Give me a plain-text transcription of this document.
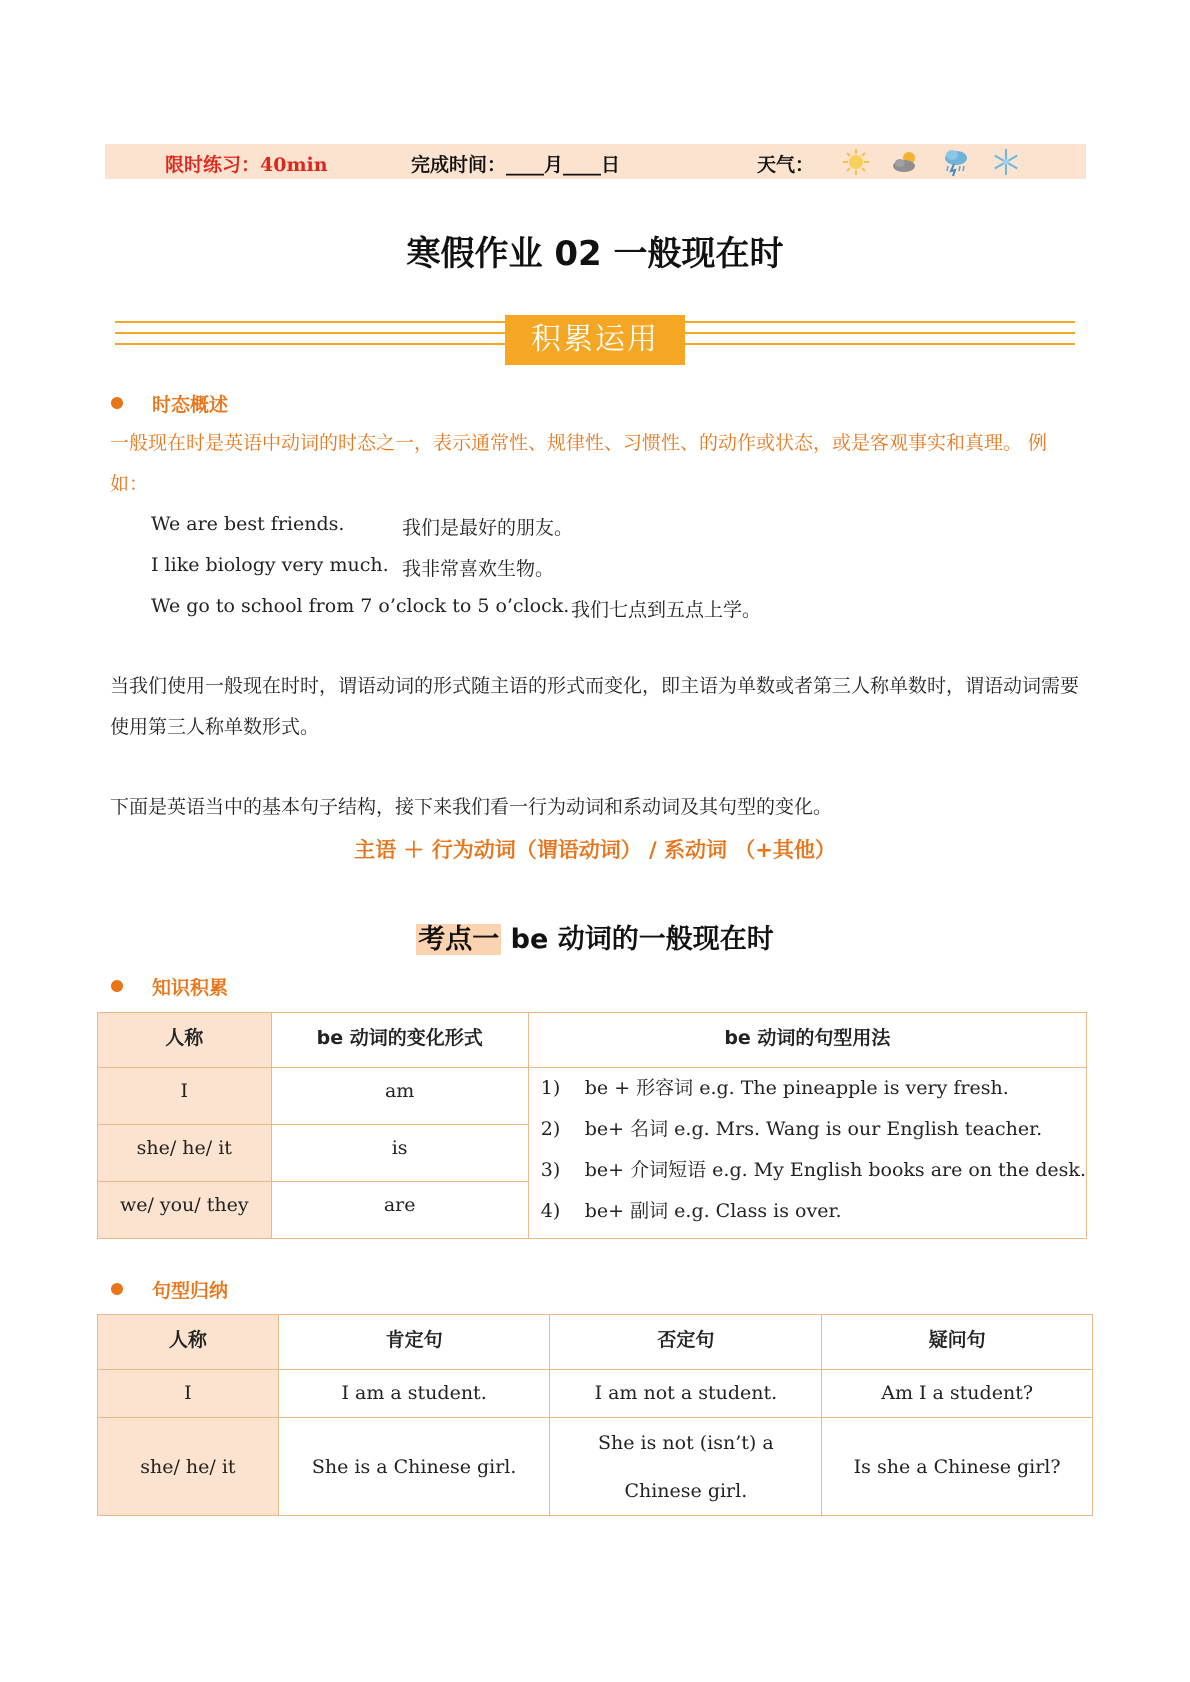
限时练习：40min	完成时间：____月____日	天气：
寒假作业 02 一般现在时
积累运用
时态概述
一般现在时是英语中动词的时态之一，表示通常性、规律性、习惯性、的动作或状态，或是客观事实和真理。 例如：
We are best friends.	我们是最好的朋友。
I like biology very much. 我非常喜欢生物。
We go to school from 7 o’clock to 5 o’clock. 我们七点到五点上学。
当我们使用一般现在时时，谓语动词的形式随主语的形式而变化，即主语为单数或者第三人称单数时，谓语动词需要使用第三人称单数形式。
下面是英语当中的基本句子结构，接下来我们看一行为动词和系动词及其句型的变化。
主语 ＋ 行为动词（谓语动词） / 系动词 （+其他）
考点一 be 动词的一般现在时
知识积累
人称	be 动词的变化形式	be 动词的句型用法
I	am	1) be + 形容词 e.g. The pineapple is very fresh.
2) be+ 名词 e.g. Mrs. Wang is our English teacher.
3) be+ 介词短语 e.g. My English books are on the desk.
4) be+ 副词 e.g. Class is over.

she/ he/ it	is	
we/ you/ they	are	
句型归纳
人称	肯定句	否定句	疑问句
I	I am a student.	I am not a student.	Am I a student?
she/ he/ it	She is a Chinese girl.	She is not (isn’t) a Chinese girl.	Is she a Chinese girl?
